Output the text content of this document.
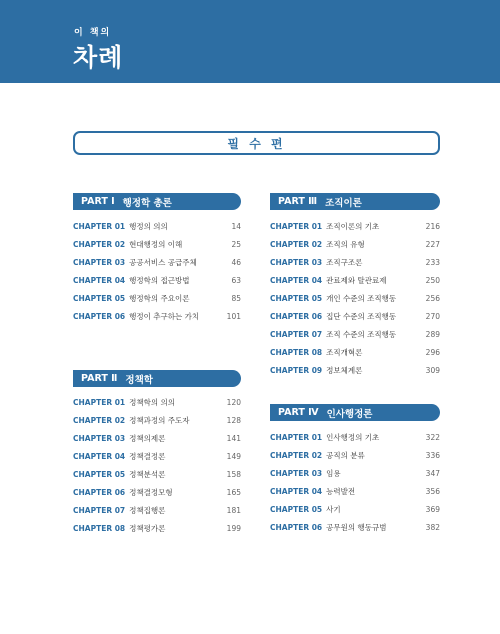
이 책의
차례
필 수 편
PART Ⅰ 행정학 총론
CHAPTER 01 행정의 의의	14
CHAPTER 02 현대행정의 이해	25
CHAPTER 03 공공서비스 공급주체	46
CHAPTER 04 행정학의 접근방법	63
CHAPTER 05 행정학의 주요이론	85
CHAPTER 06 행정이 추구하는 가치	101
PART Ⅱ 정책학
CHAPTER 01 정책학의 의의	120
CHAPTER 02 정책과정의 주도자	128
CHAPTER 03 정책의제론	141
CHAPTER 04 정책결정론	149
CHAPTER 05 정책분석론	158
CHAPTER 06 정책결정모형	165
CHAPTER 07 정책집행론	181
CHAPTER 08 정책평가론	199
PART Ⅲ 조직이론
CHAPTER 01 조직이론의 기초	216
CHAPTER 02 조직의 유형	227
CHAPTER 03 조직구조론	233
CHAPTER 04 관료제와 탈관료제	250
CHAPTER 05 개인 수준의 조직행동	256
CHAPTER 06 집단 수준의 조직행동	270
CHAPTER 07 조직 수준의 조직행동	289
CHAPTER 08 조직개혁론	296
CHAPTER 09 정보체계론	309
PART Ⅳ 인사행정론
CHAPTER 01 인사행정의 기초	322
CHAPTER 02 공직의 분류	336
CHAPTER 03 임용	347
CHAPTER 04 능력발전	356
CHAPTER 05 사기	369
CHAPTER 06 공무원의 행동규범	382
